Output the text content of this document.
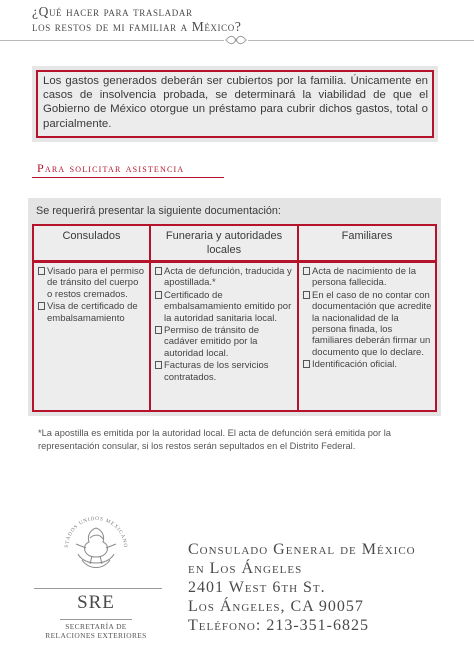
¿Qué hacer para trasladar
los restos de mi familiar a México?
Los gastos generados deberán ser cubiertos por la familia. Únicamente en casos de insolvencia probada, se determinará la viabilidad de que el Gobierno de México otorgue un préstamo para cubrir dichos gastos, total o parcialmente.
Para solicitar asistencia
Se requerirá presentar la siguiente documentación:
Consulados
Visado para el permiso de tránsito del cuerpo o restos cremados.
Visa de certificado de embalsamamiento
Funeraria y autoridades locales
Acta de defunción, traducida y apostillada.*
Certificado de embalsamamiento emitido por la autoridad sanitaria local.
Permiso de tránsito de cadáver emitido por la autoridad local.
Facturas de los servicios contratados.
Familiares
Acta de nacimiento de la persona fallecida.
En el caso de no contar con documentación que acredite la nacionalidad de la persona finada, los familiares deberán firmar un documento que lo declare.
Identificación oficial.
*La apostilla es emitida por la autoridad local. El acta de defunción será emitida por la representación consular, si los restos serán sepultados en el Distrito Federal.
STADOS UNIDOS MEXICANO
SRE
SECRETARÍA DE
RELACIONES EXTERIORES
Consulado General de México
en Los Ángeles
2401 West 6th St.
Los Ángeles, CA 90057
Teléfono: 213-351-6825
